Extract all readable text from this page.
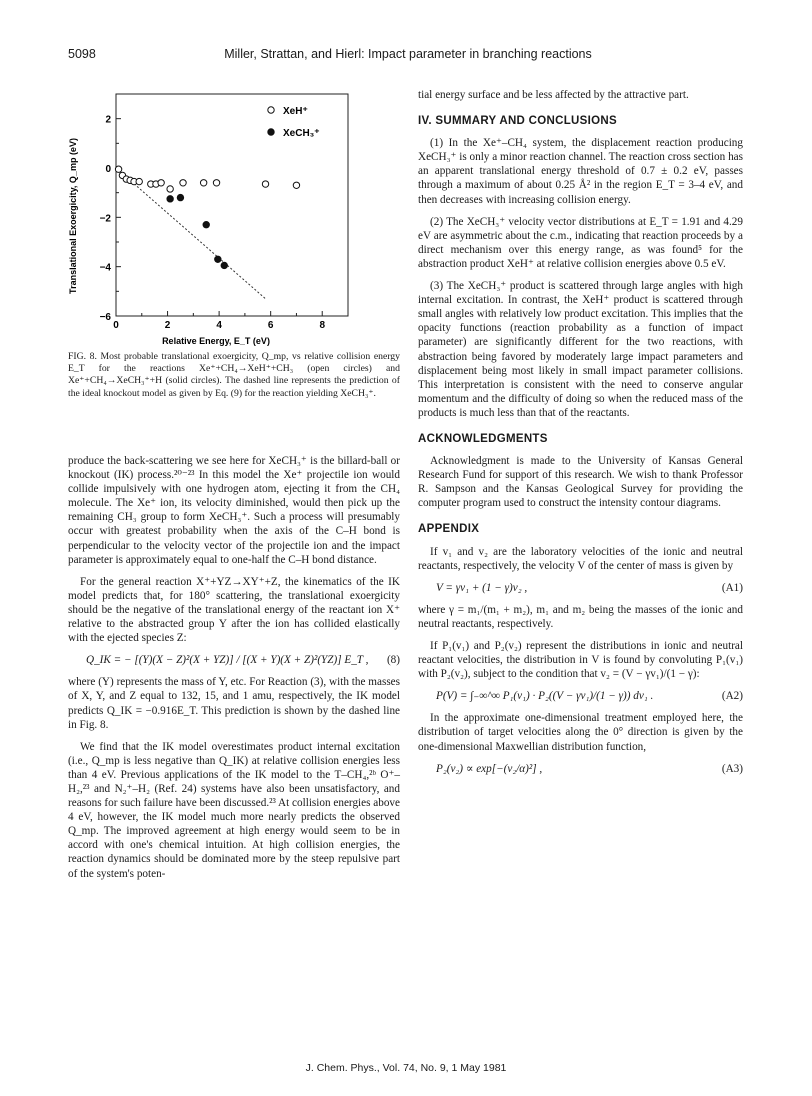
5098	Miller, Strattan, and Hierl: Impact parameter in branching reactions
0	2	4	6	8
2
0
−2
−4
−6
XeH⁺
XeCH₃⁺
Translational Exoergicity, Q_mp (eV)
Relative Energy, E_T (eV)
FIG. 8. Most probable translational exoergicity, Q_mp, vs relative collision energy E_T for the reactions Xe⁺+CH₄→XeH⁺+CH₃ (open circles) and Xe⁺+CH₄→XeCH₃⁺+H (solid circles). The dashed line represents the prediction of the ideal knockout model as given by Eq. (9) for the reaction yielding XeCH₃⁺.

produce the back-scattering we see here for XeCH₃⁺ is the billard-ball or knockout (IK) process.²⁰⁻²³ In this model the Xe⁺ projectile ion would collide impulsively with one hydrogen atom, ejecting it from the CH₄ molecule. The Xe⁺ ion, its velocity diminished, would then pick up the remaining CH₃ group to form XeCH₃⁺. Such a process will presumably occur with greatest probability when the axis of the C–H bond is perpendicular to the velocity vector of the projectile ion and the impact parameter is approximately equal to one-half the C–H bond distance.

For the general reaction X⁺+YZ→XY⁺+Z, the kinematics of the IK model predicts that, for 180° scattering, the translational exoergicity should be the negative of the translational energy of the reactant ion X⁺ relative to the abstracted group Y after the ion has collided elastically with the ejected species Z:

Q_IK = − [(Y)(X − Z)²(X + YZ)] / [(X + Y)(X + Z)²(YZ)] E_T , (8)

where (Y) represents the mass of Y, etc. For Reaction (3), with the masses of X, Y, and Z equal to 132, 15, and 1 amu, respectively, the IK model predicts Q_IK = −0.916E_T. This prediction is shown by the dashed line in Fig. 8.

We find that the IK model overestimates product internal excitation (i.e., Q_mp is less negative than Q_IK) at relative collision energies less than 4 eV. Previous applications of the IK model to the T–CH₄,²ᵇ O⁺–H₂,²³ and N₂⁺–H₂ (Ref. 24) systems have also been unsatisfactory, and reasons for such failure have been discussed.²³ At collision energies above 4 eV, however, the IK model much more nearly predicts the observed Q_mp. The improved agreement at high energy would seem to be in accord with one's chemical intuition. At high collision energies, the reaction dynamics should be dominated more by the steep repulsive part of the system's poten-

tial energy surface and be less affected by the attractive part.

IV. SUMMARY AND CONCLUSIONS

(1) In the Xe⁺–CH₄ system, the displacement reaction producing XeCH₃⁺ is only a minor reaction channel. The reaction cross section has an apparent translational energy threshold of 0.7 ± 0.2 eV, passes through a maximum of about 0.25 Å² in the region E_T = 3–4 eV, and then decreases with increasing collision energy.

(2) The XeCH₃⁺ velocity vector distributions at E_T = 1.91 and 4.29 eV are asymmetric about the c.m., indicating that reaction proceeds by a direct mechanism over this energy range, as was found⁵ for the abstraction product XeH⁺ at relative collision energies above 0.5 eV.

(3) The XeCH₃⁺ product is scattered through large angles with high internal excitation. In contrast, the XeH⁺ product is scattered through small angles with relatively low product excitation. This implies that the opacity functions (reaction probability as a function of impact parameter) are significantly different for the two reactions, with abstraction being favored by moderately large impact parameters and displacement being most likely in small impact parameter collisions. This interpretation is consistent with the need to conserve angular momentum and the difficulty of doing so when the reduced mass of the products is much less than that of the reactants.

ACKNOWLEDGMENTS

Acknowledgment is made to the University of Kansas General Research Fund for support of this research. We wish to thank Professor R. Sampson and the Kansas Geological Survey for providing the computer program used to construct the intensity contour diagrams.

APPENDIX

If v₁ and v₂ are the laboratory velocities of the ionic and neutral reactants, respectively, the velocity V of the center of mass is given by

V = γv₁ + (1 − γ)v₂ ,	(A1)

where γ = m₁/(m₁ + m₂), m₁ and m₂ being the masses of the ionic and neutral reactants, respectively.

If P₁(v₁) and P₂(v₂) represent the distributions in ionic and neutral reactant velocities, the distribution in V is found by convoluting P₁(v₁) with P₂(v₂), subject to the condition that v₂ = (V − γv₁)/(1 − γ):

P(V) = ∫₋∞^∞ P₁(v₁) · P₂((V − γv₁)/(1 − γ)) dv₁ .	(A2)

In the approximate one-dimensional treatment employed here, the distribution of target velocities along the 0° direction is given by the one-dimensional Maxwellian distribution function,

P₂(v₂) ∝ exp[−(v₂/α)²] ,	(A3)
J. Chem. Phys., Vol. 74, No. 9, 1 May 1981
